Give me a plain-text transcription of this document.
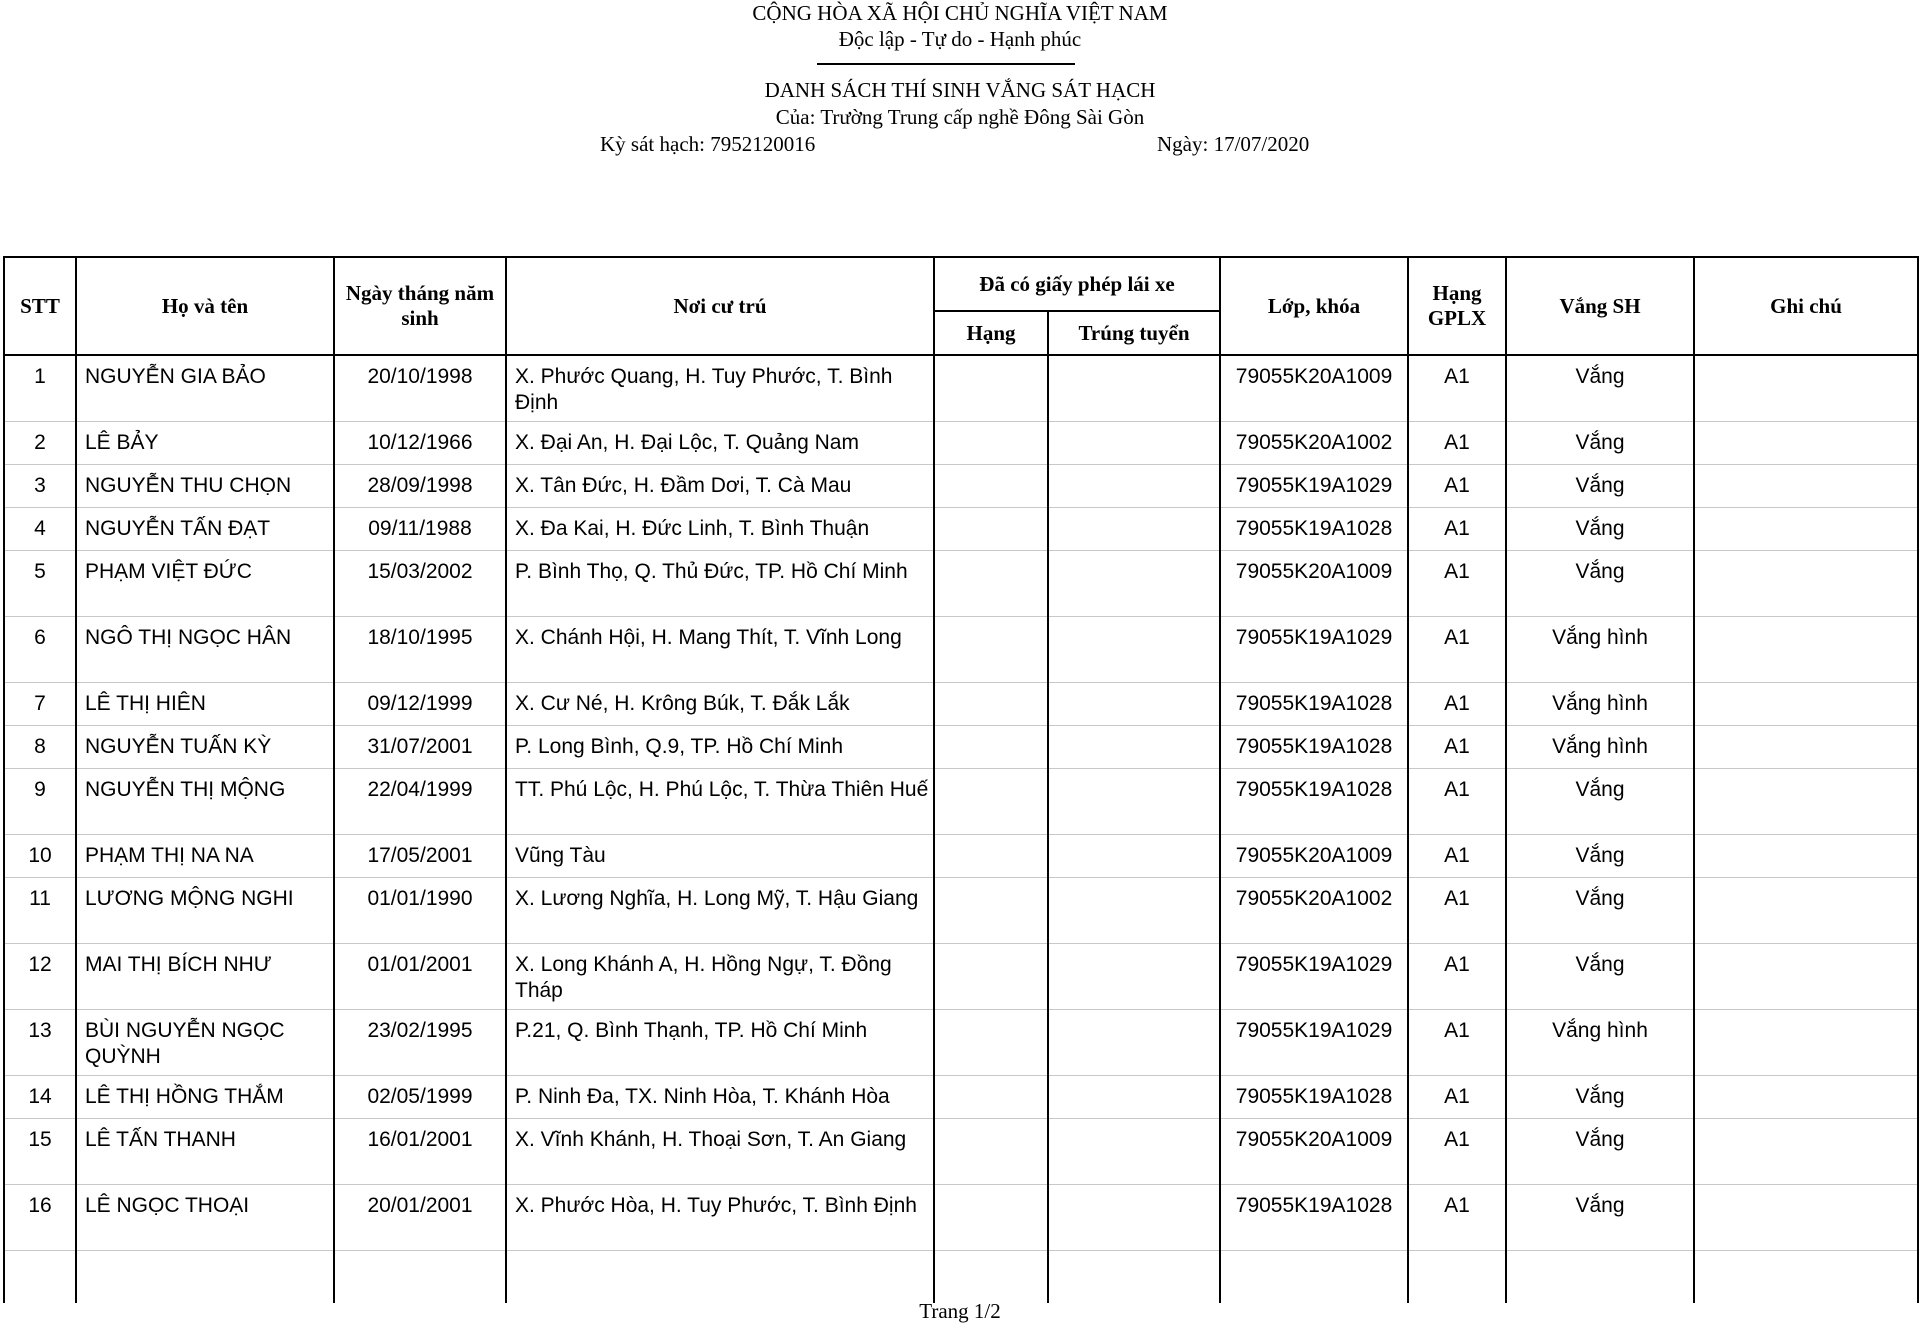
CỘNG HÒA XÃ HỘI CHỦ NGHĨA VIỆT NAM
Độc lập - Tự do - Hạnh phúc
DANH SÁCH THÍ SINH VẮNG SÁT HẠCH
Của: Trường Trung cấp nghề Đông Sài Gòn
Kỳ sát hạch: 7952120016	Ngày: 17/07/2020
STT	Họ và tên	Ngày tháng năm sinh	Nơi cư trú	Đã có giấy phép lái xe		Lớp, khóa	Hạng GPLX	Vắng SH	Ghi chú
				Hạng	Trúng tuyển				
1	NGUYỄN GIA BẢO	20/10/1998	X. Phước Quang, H. Tuy Phước, T. Bình Định			79055K20A1009	A1	Vắng	
2	LÊ BẢY	10/12/1966	X. Đại An, H. Đại Lộc, T. Quảng Nam			79055K20A1002	A1	Vắng	
3	NGUYỄN THU CHỌN	28/09/1998	X. Tân Đức, H. Đầm Dơi, T. Cà Mau			79055K19A1029	A1	Vắng	
4	NGUYỄN TẤN ĐẠT	09/11/1988	X. Đa Kai, H. Đức Linh, T. Bình Thuận			79055K19A1028	A1	Vắng	
5	PHẠM VIỆT ĐỨC	15/03/2002	P. Bình Thọ, Q. Thủ Đức, TP. Hồ Chí Minh			79055K20A1009	A1	Vắng	
6	NGÔ THỊ NGỌC HÂN	18/10/1995	X. Chánh Hội, H. Mang Thít, T. Vĩnh Long			79055K19A1029	A1	Vắng hình	
7	LÊ THỊ HIÊN	09/12/1999	X. Cư Né, H. Krông Búk, T. Đắk Lắk			79055K19A1028	A1	Vắng hình	
8	NGUYỄN TUẤN KỲ	31/07/2001	P. Long Bình, Q.9, TP. Hồ Chí Minh			79055K19A1028	A1	Vắng hình	
9	NGUYỄN THỊ MỘNG	22/04/1999	TT. Phú Lộc, H. Phú Lộc, T. Thừa Thiên Huế			79055K19A1028	A1	Vắng	
10	PHẠM THỊ NA NA	17/05/2001	Vũng Tàu			79055K20A1009	A1	Vắng	
11	LƯƠNG MỘNG NGHI	01/01/1990	X. Lương Nghĩa, H. Long Mỹ, T. Hậu Giang			79055K20A1002	A1	Vắng	
12	MAI THỊ BÍCH NHƯ	01/01/2001	X. Long Khánh A, H. Hồng Ngự, T. Đồng Tháp			79055K19A1029	A1	Vắng	
13	BÙI NGUYỄN NGỌC QUỲNH	23/02/1995	P.21, Q. Bình Thạnh, TP. Hồ Chí Minh			79055K19A1029	A1	Vắng hình	
14	LÊ THỊ HỒNG THẮM	02/05/1999	P. Ninh Đa, TX. Ninh Hòa, T. Khánh Hòa			79055K19A1028	A1	Vắng	
15	LÊ TẤN THANH	16/01/2001	X. Vĩnh Khánh, H. Thoại Sơn, T. An Giang			79055K20A1009	A1	Vắng	
16	LÊ NGỌC THOẠI	20/01/2001	X. Phước Hòa, H. Tuy Phước, T. Bình Định			79055K19A1028	A1	Vắng	

Trang 1/2
